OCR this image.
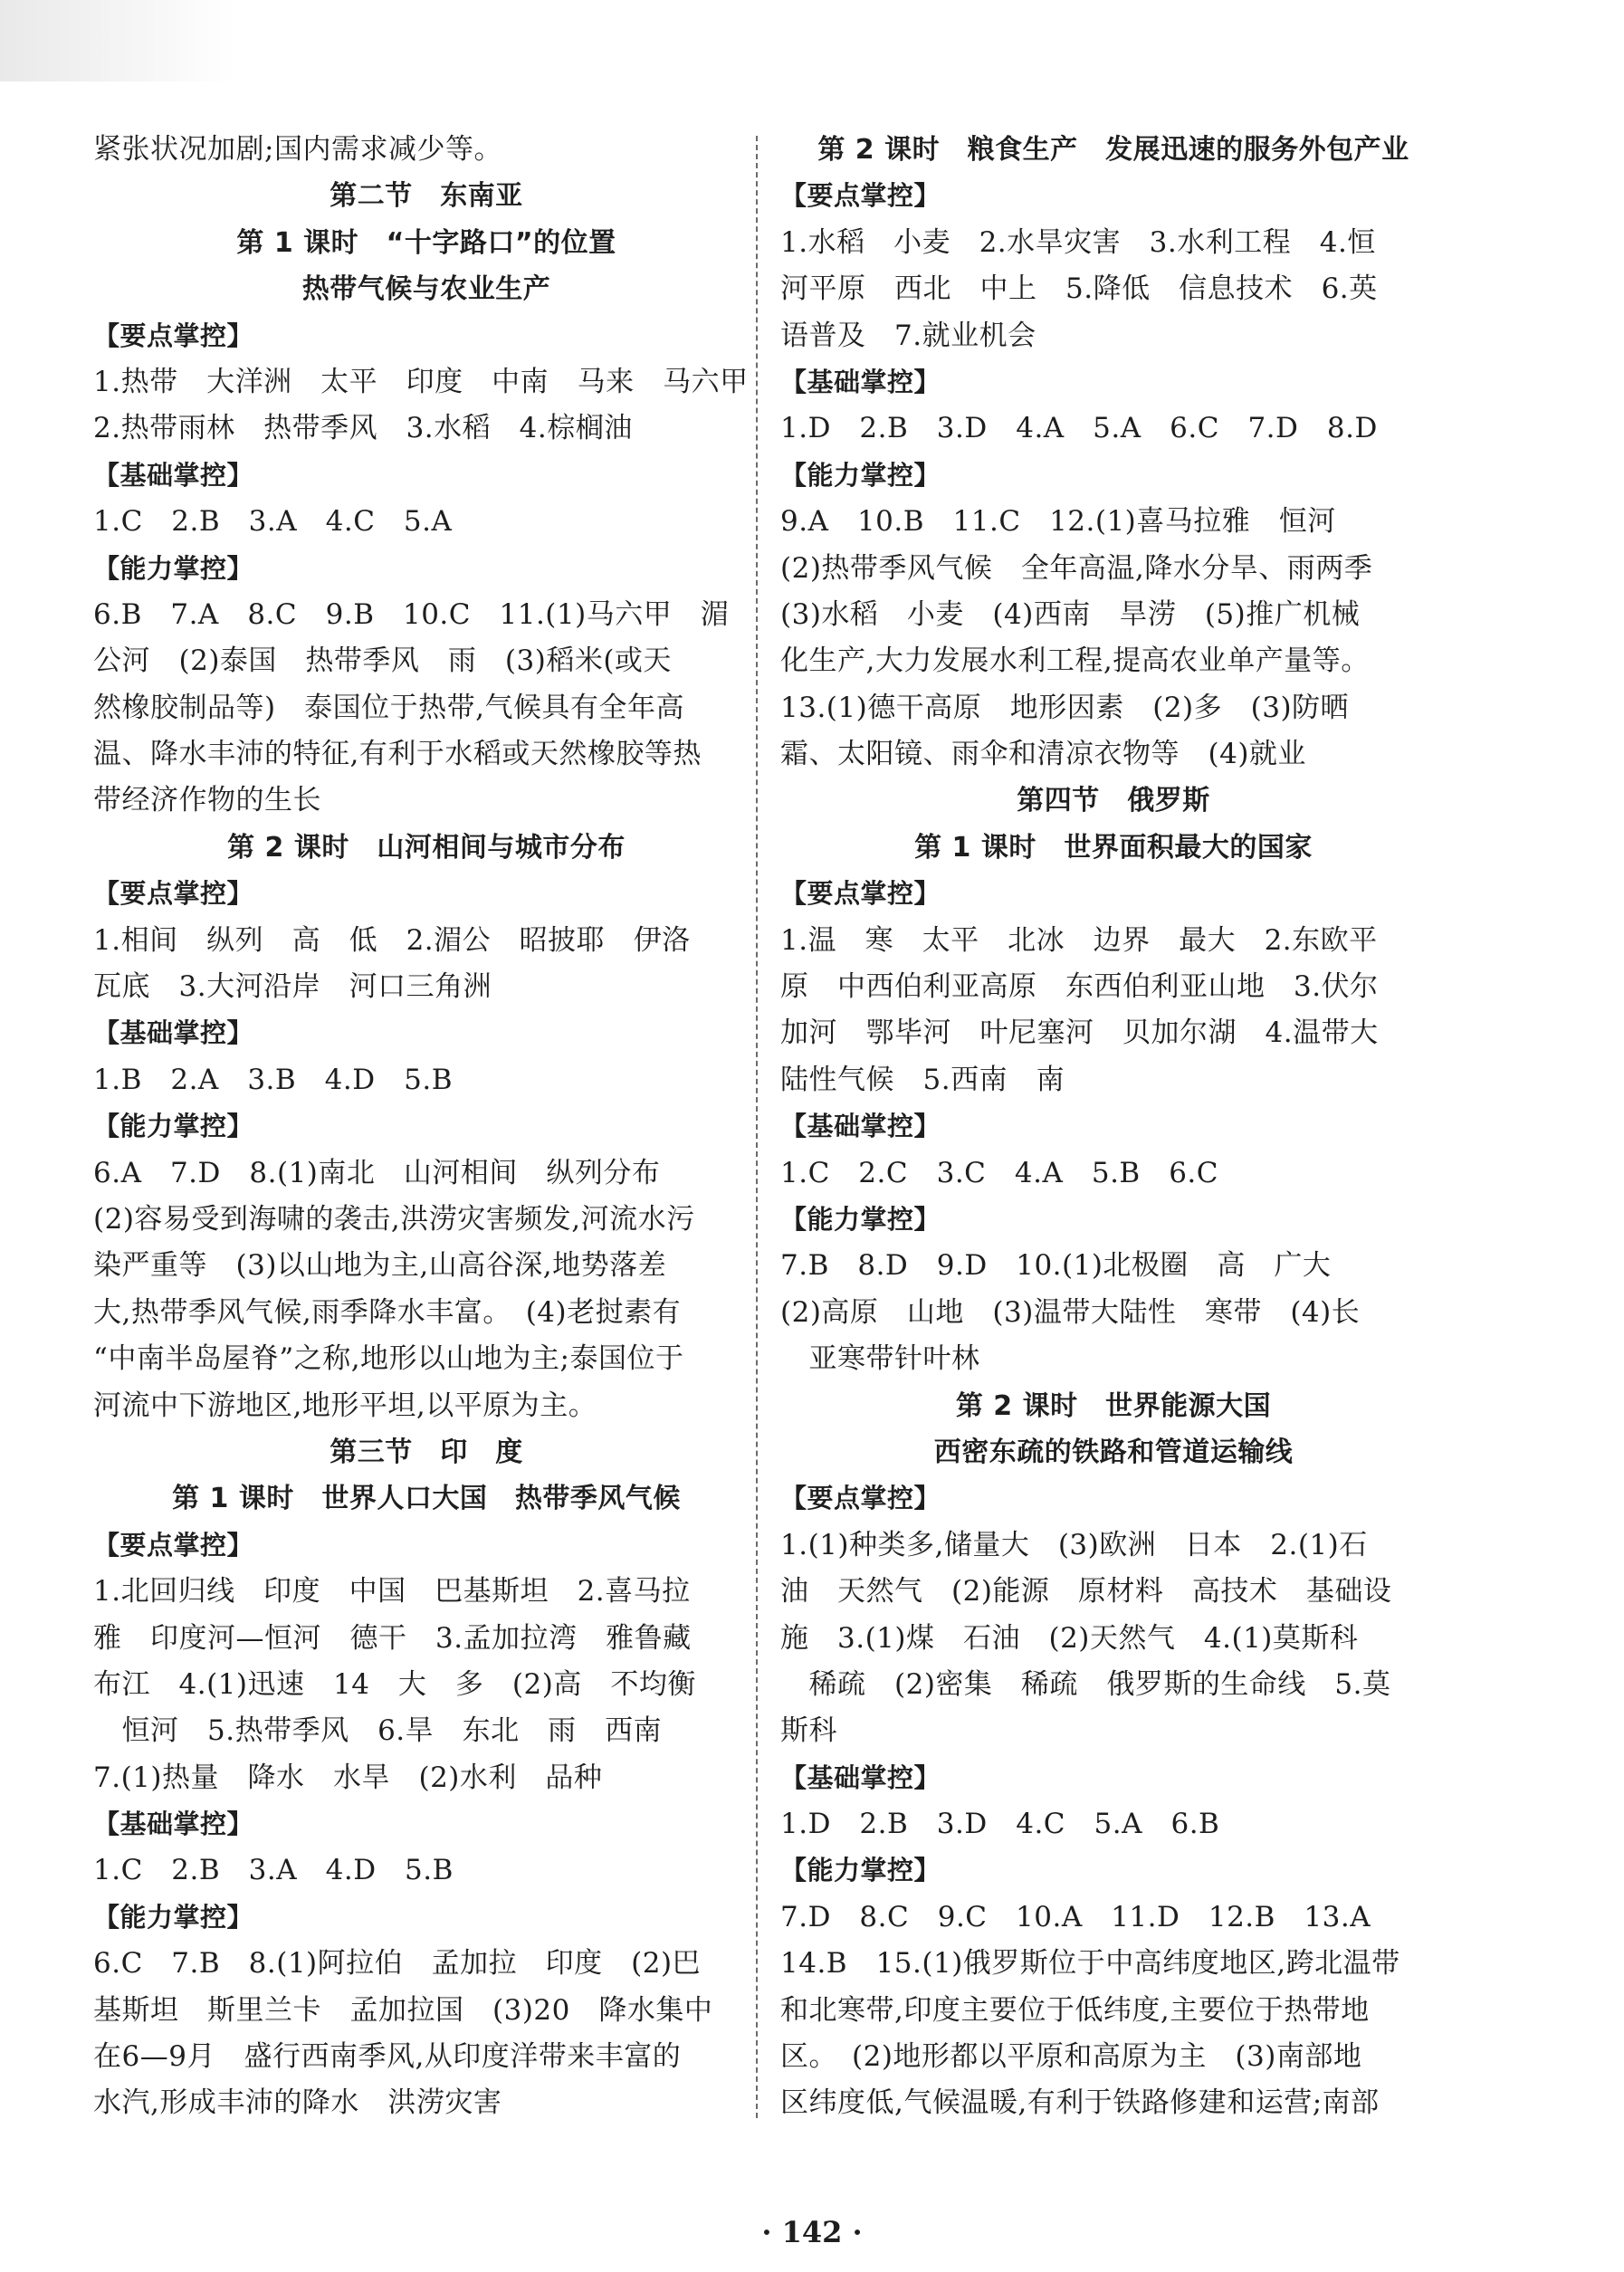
紧张状况加剧;国内需求减少等。
第二节　东南亚
第 1 课时　“十字路口”的位置
热带气候与农业生产
【要点掌控】
1.热带　大洋洲　太平　印度　中南　马来　马六甲
2.热带雨林　热带季风　3.水稻　4.棕榈油
【基础掌控】
1.C　2.B　3.A　4.C　5.A
【能力掌控】
6.B　7.A　8.C　9.B　10.C　11.(1)马六甲　湄
公河　(2)泰国　热带季风　雨　(3)稻米(或天
然橡胶制品等)　泰国位于热带,气候具有全年高
温、降水丰沛的特征,有利于水稻或天然橡胶等热
带经济作物的生长
第 2 课时　山河相间与城市分布
【要点掌控】
1.相间　纵列　高　低　2.湄公　昭披耶　伊洛
瓦底　3.大河沿岸　河口三角洲
【基础掌控】
1.B　2.A　3.B　4.D　5.B
【能力掌控】
6.A　7.D　8.(1)南北　山河相间　纵列分布
(2)容易受到海啸的袭击,洪涝灾害频发,河流水污
染严重等　(3)以山地为主,山高谷深,地势落差
大,热带季风气候,雨季降水丰富。　(4)老挝素有
“中南半岛屋脊”之称,地形以山地为主;泰国位于
河流中下游地区,地形平坦,以平原为主。
第三节　印　度
第 1 课时　世界人口大国　热带季风气候
【要点掌控】
1.北回归线　印度　中国　巴基斯坦　2.喜马拉
雅　印度河—恒河　德干　3.孟加拉湾　雅鲁藏
布江　4.(1)迅速　14　大　多　(2)高　不均衡
　恒河　5.热带季风　6.旱　东北　雨　西南
7.(1)热量　降水　水旱　(2)水利　品种
【基础掌控】
1.C　2.B　3.A　4.D　5.B
【能力掌控】
6.C　7.B　8.(1)阿拉伯　孟加拉　印度　(2)巴
基斯坦　斯里兰卡　孟加拉国　(3)20　降水集中
在6—9月　盛行西南季风,从印度洋带来丰富的
水汽,形成丰沛的降水　洪涝灾害
第 2 课时　粮食生产　发展迅速的服务外包产业
【要点掌控】
1.水稻　小麦　2.水旱灾害　3.水利工程　4.恒
河平原　西北　中上　5.降低　信息技术　6.英
语普及　7.就业机会
【基础掌控】
1.D　2.B　3.D　4.A　5.A　6.C　7.D　8.D
【能力掌控】
9.A　10.B　11.C　12.(1)喜马拉雅　恒河
(2)热带季风气候　全年高温,降水分旱、雨两季
(3)水稻　小麦　(4)西南　旱涝　(5)推广机械
化生产,大力发展水利工程,提高农业单产量等。
13.(1)德干高原　地形因素　(2)多　(3)防晒
霜、太阳镜、雨伞和清凉衣物等　(4)就业
第四节　俄罗斯
第 1 课时　世界面积最大的国家
【要点掌控】
1.温　寒　太平　北冰　边界　最大　2.东欧平
原　中西伯利亚高原　东西伯利亚山地　3.伏尔
加河　鄂毕河　叶尼塞河　贝加尔湖　4.温带大
陆性气候　5.西南　南
【基础掌控】
1.C　2.C　3.C　4.A　5.B　6.C
【能力掌控】
7.B　8.D　9.D　10.(1)北极圈　高　广大
(2)高原　山地　(3)温带大陆性　寒带　(4)长
　亚寒带针叶林
第 2 课时　世界能源大国
西密东疏的铁路和管道运输线
【要点掌控】
1.(1)种类多,储量大　(3)欧洲　日本　2.(1)石
油　天然气　(2)能源　原材料　高技术　基础设
施　3.(1)煤　石油　(2)天然气　4.(1)莫斯科
　稀疏　(2)密集　稀疏　俄罗斯的生命线　5.莫
斯科
【基础掌控】
1.D　2.B　3.D　4.C　5.A　6.B
【能力掌控】
7.D　8.C　9.C　10.A　11.D　12.B　13.A
14.B　15.(1)俄罗斯位于中高纬度地区,跨北温带
和北寒带,印度主要位于低纬度,主要位于热带地
区。　(2)地形都以平原和高原为主　(3)南部地
区纬度低,气候温暖,有利于铁路修建和运营;南部
· 142 ·
